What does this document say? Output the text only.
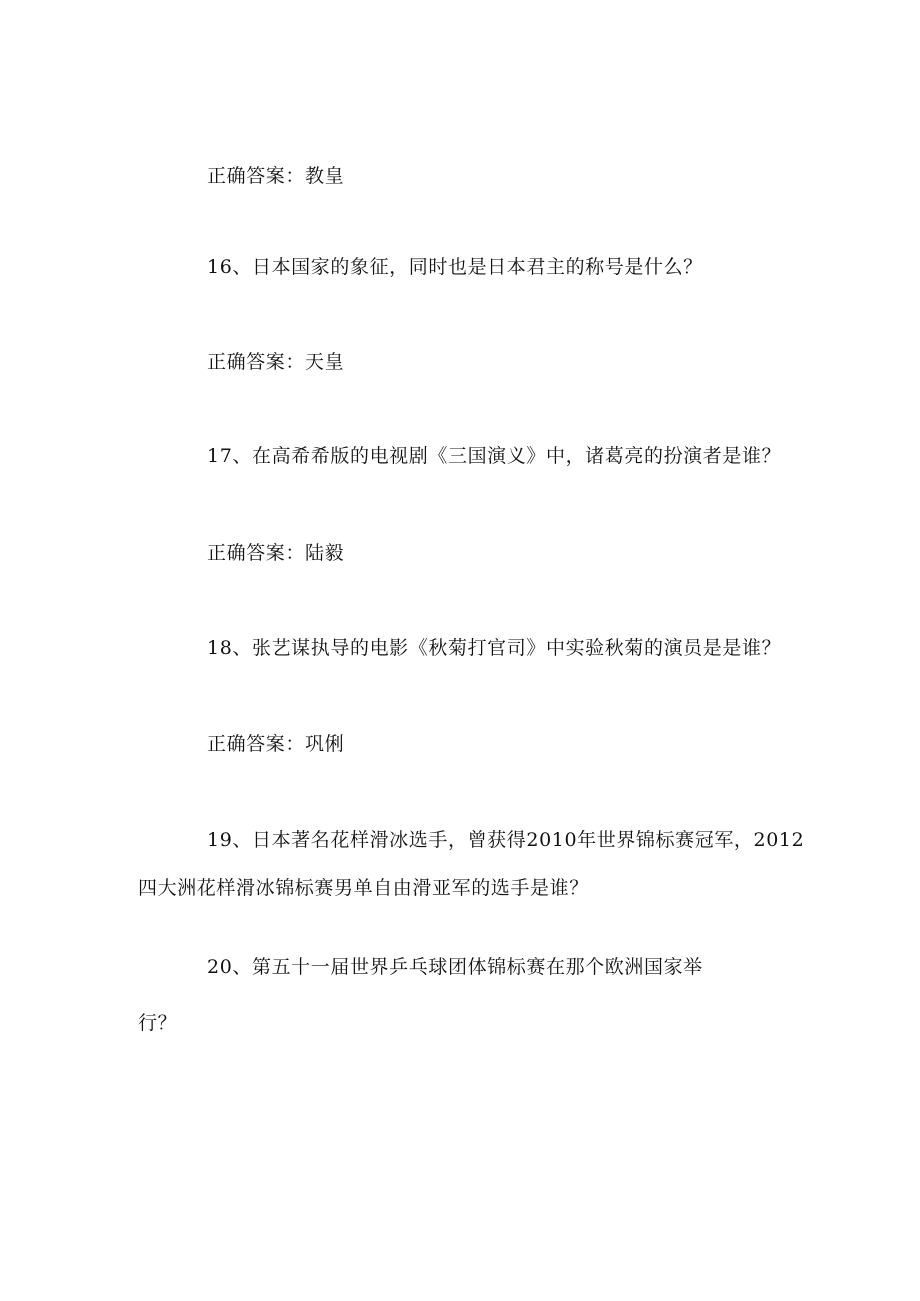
正确答案：教皇
16、日本国家的象征，同时也是日本君主的称号是什么？
正确答案：天皇
17、在高希希版的电视剧《三国演义》中，诸葛亮的扮演者是谁？
正确答案：陆毅
18、张艺谋执导的电影《秋菊打官司》中实验秋菊的演员是是谁？
正确答案：巩俐
19、日本著名花样滑冰选手，曾获得2010年世界锦标赛冠军，2012
四大洲花样滑冰锦标赛男单自由滑亚军的选手是谁？
20、第五十一届世界乒乓球团体锦标赛在那个欧洲国家举
行？
